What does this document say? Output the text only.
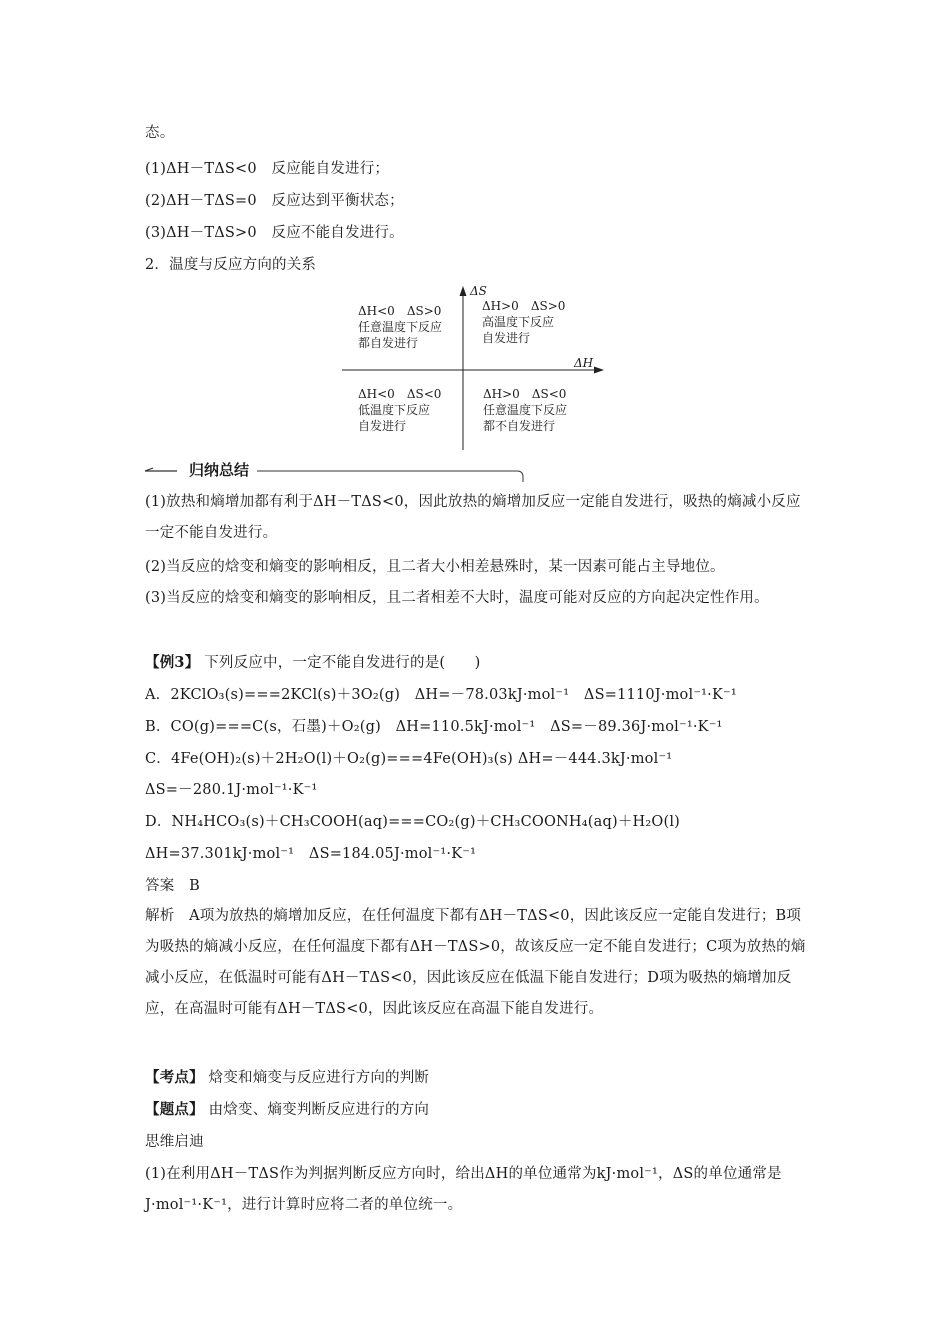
态。
(1)ΔH－TΔS<0　反应能自发进行；
(2)ΔH－TΔS=0　反应达到平衡状态；
(3)ΔH－TΔS>0　反应不能自发进行。
2．温度与反应方向的关系
ΔS
ΔH
ΔH<0　ΔS>0
任意温度下反应
都自发进行
ΔH>0　ΔS>0
高温度下反应
自发进行
ΔH<0　ΔS<0
低温度下反应
自发进行
ΔH>0　ΔS<0
任意温度下反应
都不自发进行
归纳总结
(1)放热和熵增加都有利于ΔH－TΔS<0，因此放热的熵增加反应一定能自发进行，吸热的熵减小反应一定不能自发进行。
(2)当反应的焓变和熵变的影响相反，且二者大小相差悬殊时，某一因素可能占主导地位。
(3)当反应的焓变和熵变的影响相反，且二者相差不大时，温度可能对反应的方向起决定性作用。
【例3】 下列反应中，一定不能自发进行的是(　　)
A．2KClO₃(s)===2KCl(s)＋3O₂(g)　ΔH=－78.03kJ·mol⁻¹　ΔS=1110J·mol⁻¹·K⁻¹
B．CO(g)===C(s，石墨)＋O₂(g)　ΔH=110.5kJ·mol⁻¹　ΔS=－89.36J·mol⁻¹·K⁻¹
C．4Fe(OH)₂(s)＋2H₂O(l)＋O₂(g)===4Fe(OH)₃(s) ΔH=－444.3kJ·mol⁻¹
ΔS=－280.1J·mol⁻¹·K⁻¹
D．NH₄HCO₃(s)＋CH₃COOH(aq)===CO₂(g)＋CH₃COONH₄(aq)＋H₂O(l)
ΔH=37.301kJ·mol⁻¹　ΔS=184.05J·mol⁻¹·K⁻¹
答案　B
解析　A项为放热的熵增加反应，在任何温度下都有ΔH－TΔS<0，因此该反应一定能自发进行；B项为吸热的熵减小反应，在任何温度下都有ΔH－TΔS>0，故该反应一定不能自发进行；C项为放热的熵减小反应，在低温时可能有ΔH－TΔS<0，因此该反应在低温下能自发进行；D项为吸热的熵增加反应，在高温时可能有ΔH－TΔS<0，因此该反应在高温下能自发进行。
【考点】 焓变和熵变与反应进行方向的判断
【题点】 由焓变、熵变判断反应进行的方向
思维启迪
(1)在利用ΔH－TΔS作为判据判断反应方向时，给出ΔH的单位通常为kJ·mol⁻¹，ΔS的单位通常是J·mol⁻¹·K⁻¹，进行计算时应将二者的单位统一。
